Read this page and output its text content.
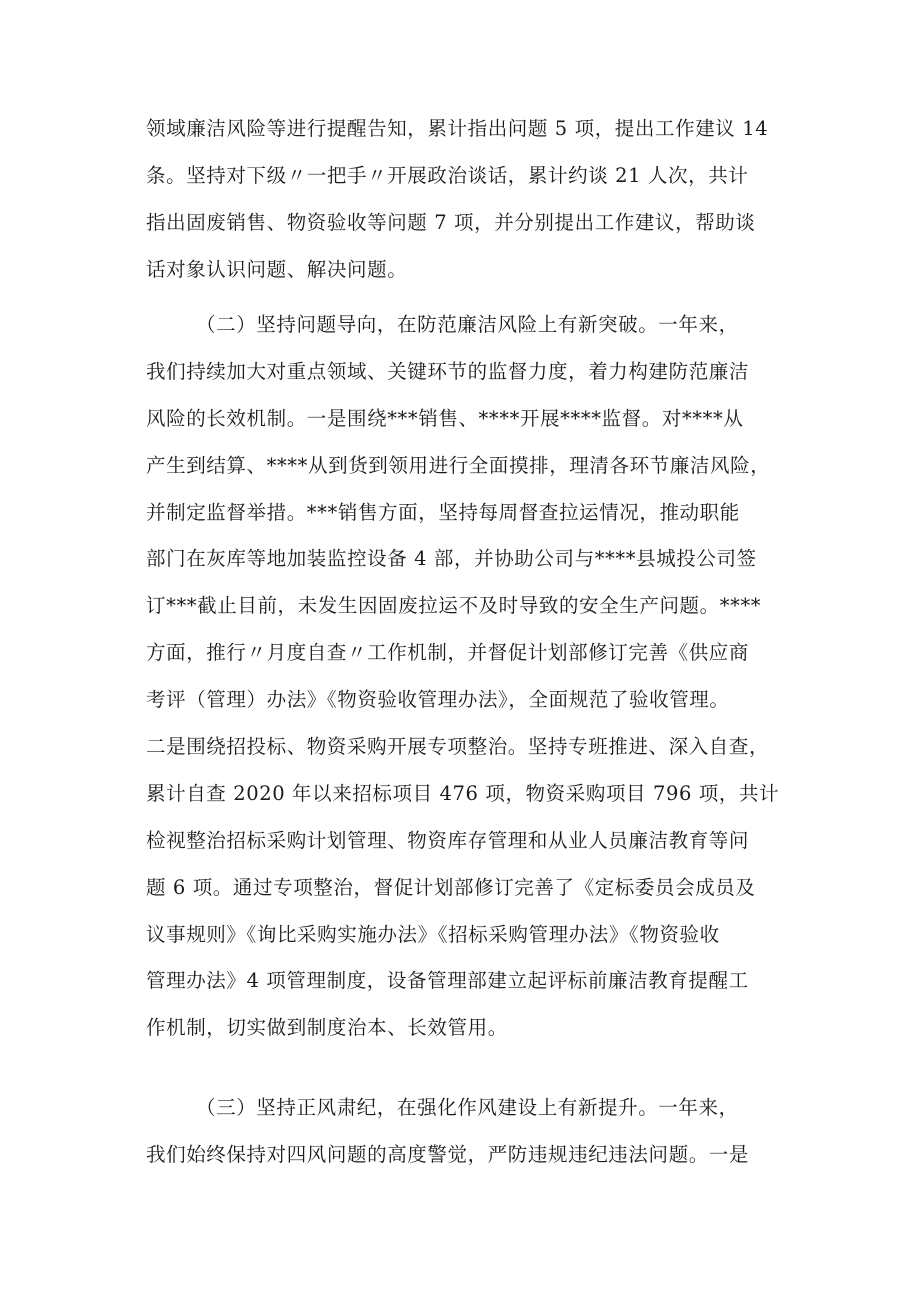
领域廉洁风险等进行提醒告知，累计指出问题 5 项，提出工作建议 14
条。坚持对下级〃一把手〃开展政治谈话，累计约谈 21 人次，共计
指出固废销售、物资验收等问题 7 项，并分别提出工作建议，帮助谈
话对象认识问题、解决问题。
（二）坚持问题导向，在防范廉洁风险上有新突破。一年来，
我们持续加大对重点领域、关键环节的监督力度，着力构建防范廉洁
风险的长效机制。一是围绕***销售、****开展****监督。对****从
产生到结算、****从到货到领用进行全面摸排，理清各环节廉洁风险，
并制定监督举措。***销售方面，坚持每周督查拉运情况，推动职能
部门在灰库等地加装监控设备 4 部，并协助公司与****县城投公司签
订***截止目前，未发生因固废拉运不及时导致的安全生产问题。****
方面，推行〃月度自查〃工作机制，并督促计划部修订完善《供应商
考评（管理）办法》《物资验收管理办法》，全面规范了验收管理。
二是围绕招投标、物资采购开展专项整治。坚持专班推进、深入自查，
累计自查 2020 年以来招标项目 476 项，物资采购项目 796 项，共计
检视整治招标采购计划管理、物资库存管理和从业人员廉洁教育等问
题 6 项。通过专项整治，督促计划部修订完善了《定标委员会成员及
议事规则》《询比采购实施办法》《招标采购管理办法》《物资验收
管理办法》4 项管理制度，设备管理部建立起评标前廉洁教育提醒工
作机制，切实做到制度治本、长效管用。
（三）坚持正风肃纪，在强化作风建设上有新提升。一年来，
我们始终保持对四风问题的高度警觉，严防违规违纪违法问题。一是
